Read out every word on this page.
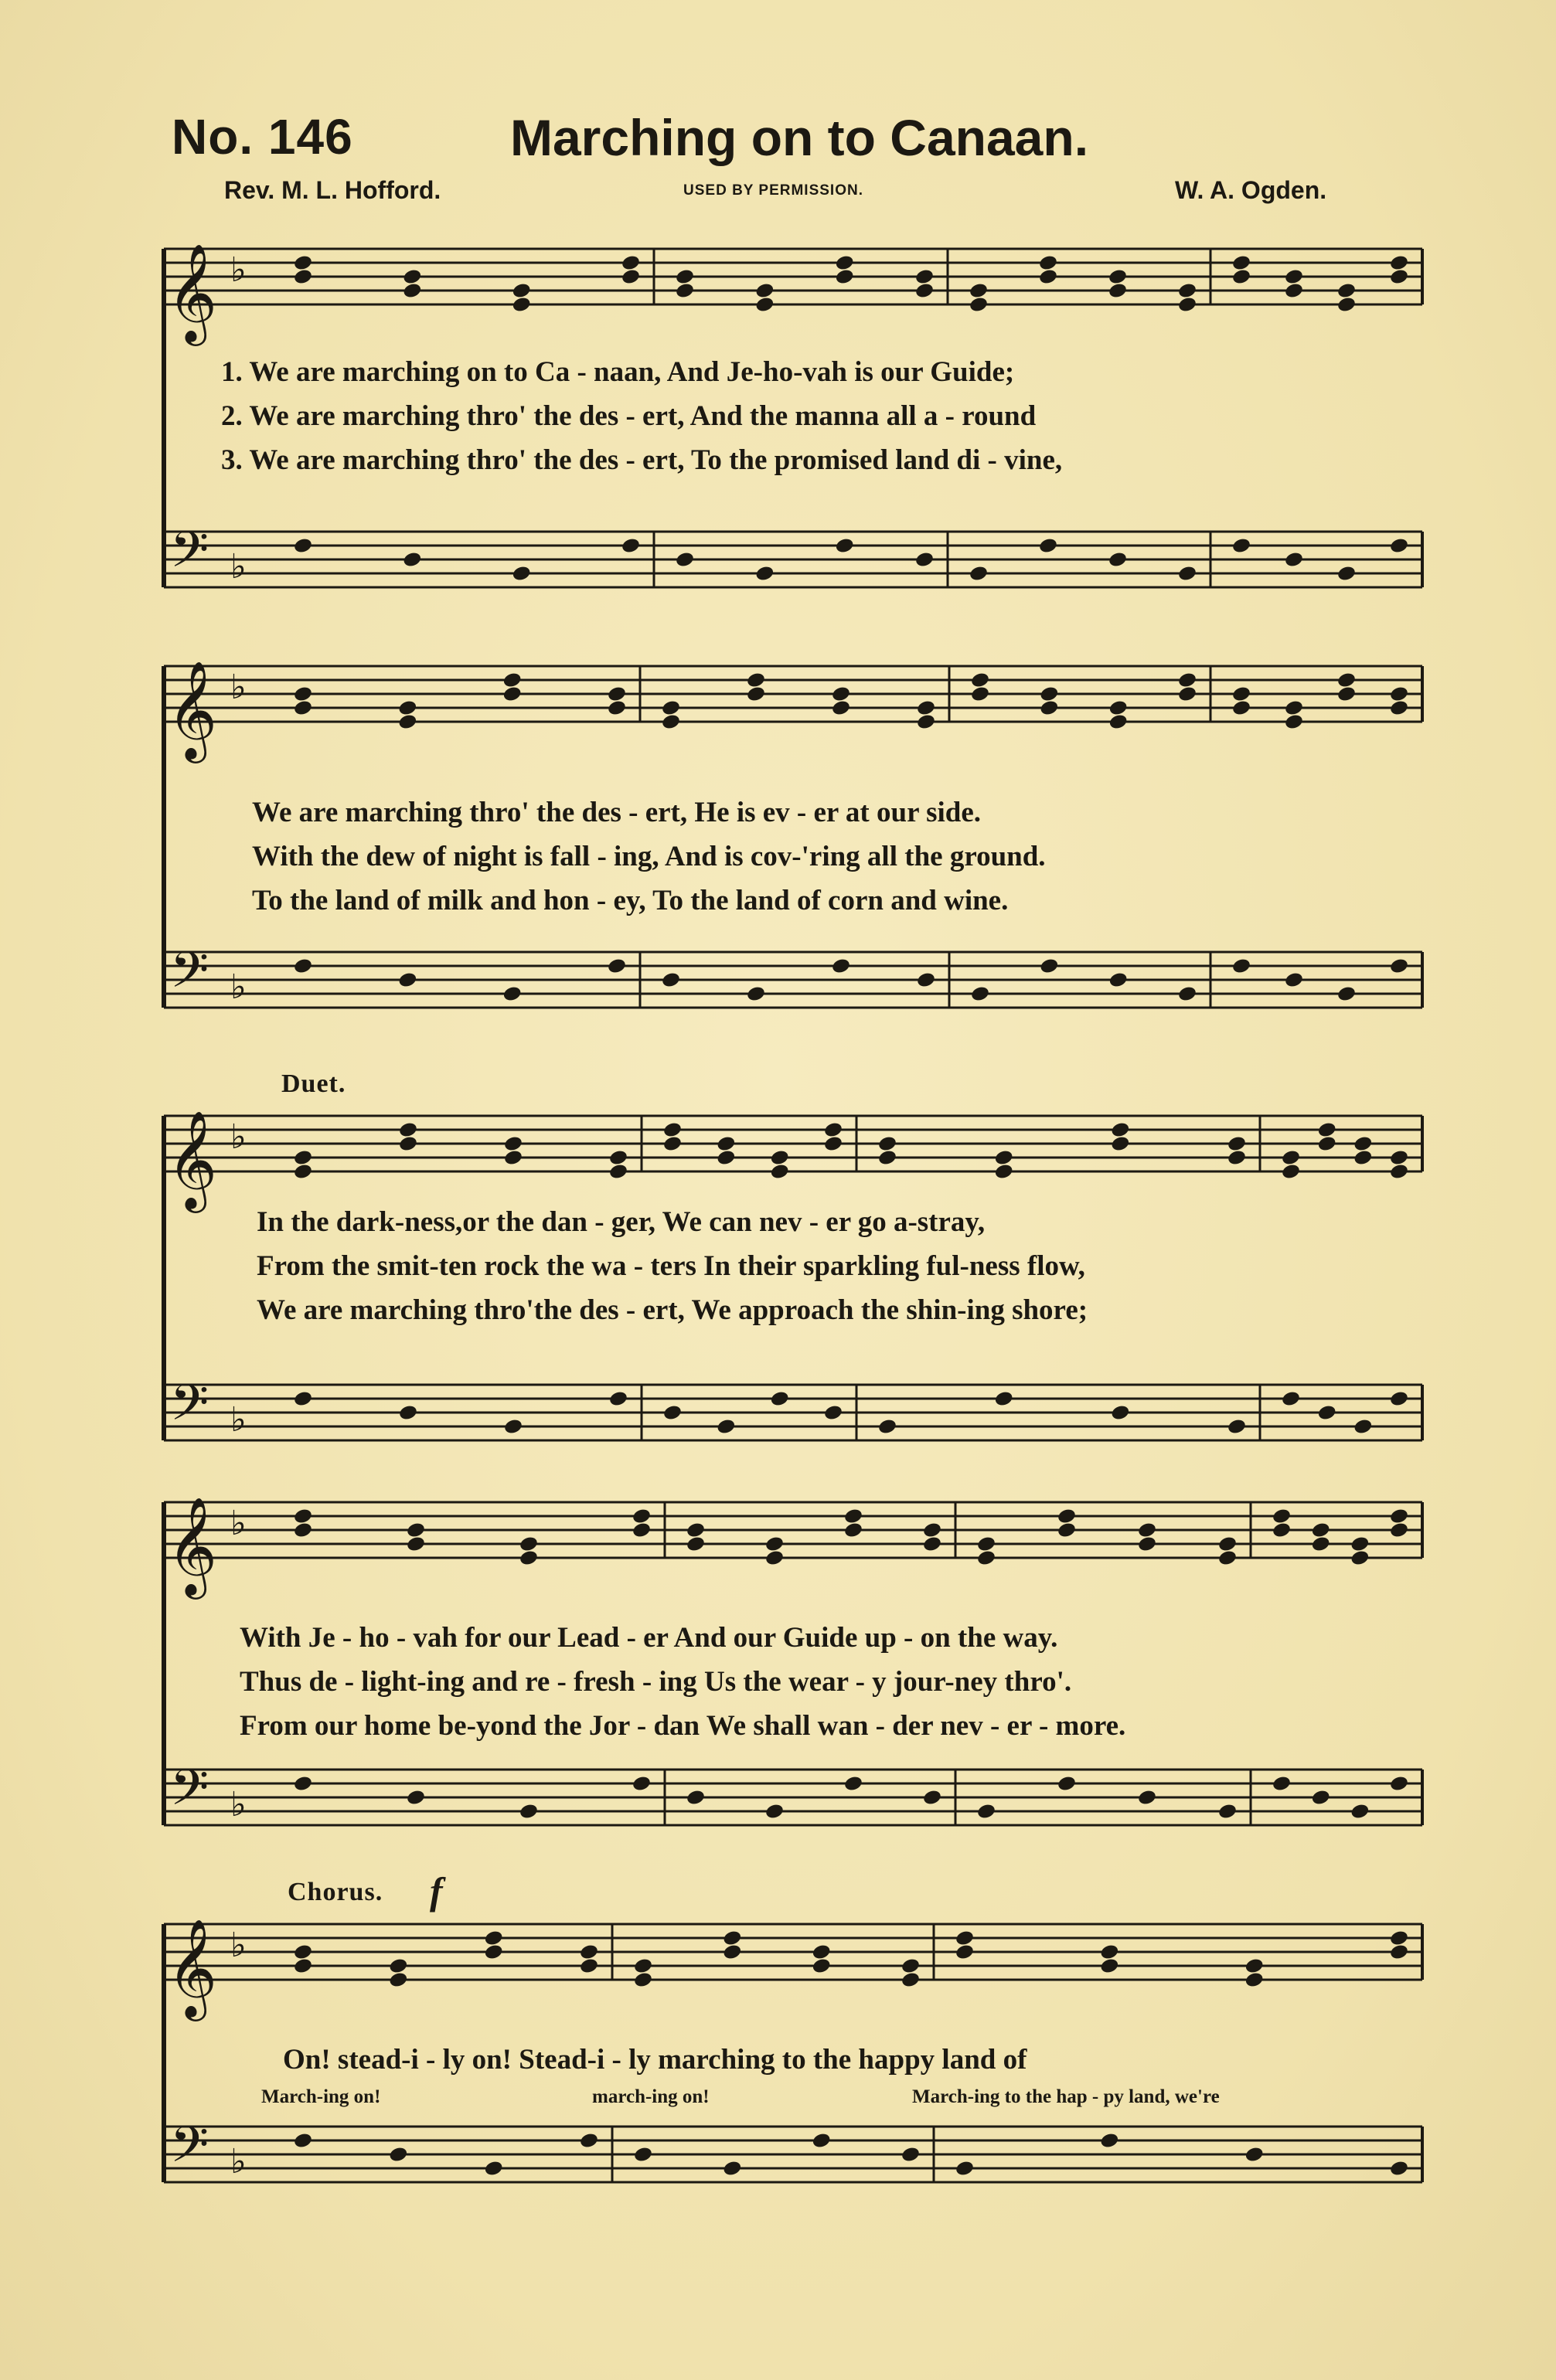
No. 146	Marching on to Canaan.
Rev. M. L. Hofford.	USED BY PERMISSION.	W. A. Ogden.
𝄞
𝄢
♭
♭
𝄞
𝄢
♭
♭
𝄞
𝄢
♭
♭
𝄞
𝄢
♭
♭
𝄞
𝄢
♭
♭
1. We are marching on to Ca - naan, And Je-ho-vah is our Guide;
2. We are marching thro' the des - ert, And the manna all a - round
3. We are marching thro' the des - ert, To the promised land di - vine,
We are marching thro' the des - ert, He is ev - er at our side.
With the dew of night is fall - ing, And is cov-'ring all the ground.
To the land of milk and hon - ey, To the land of corn and wine.
Duet.
In the dark-ness,or the dan - ger, We can nev - er go a-stray,
From the smit-ten rock the wa - ters In their sparkling ful-ness flow,
We are marching thro'the des - ert, We approach the shin-ing shore;
With Je - ho - vah for our Lead - er And our Guide up - on the way.
Thus de - light-ing and re - fresh - ing Us the wear - y jour-ney thro'.
From our home be-yond the Jor - dan We shall wan - der nev - er - more.
Chorus. f
On! stead-i - ly on! Stead-i - ly marching to the happy land of
March-ing on!	march-ing on!	March-ing to the hap - py land, we're
